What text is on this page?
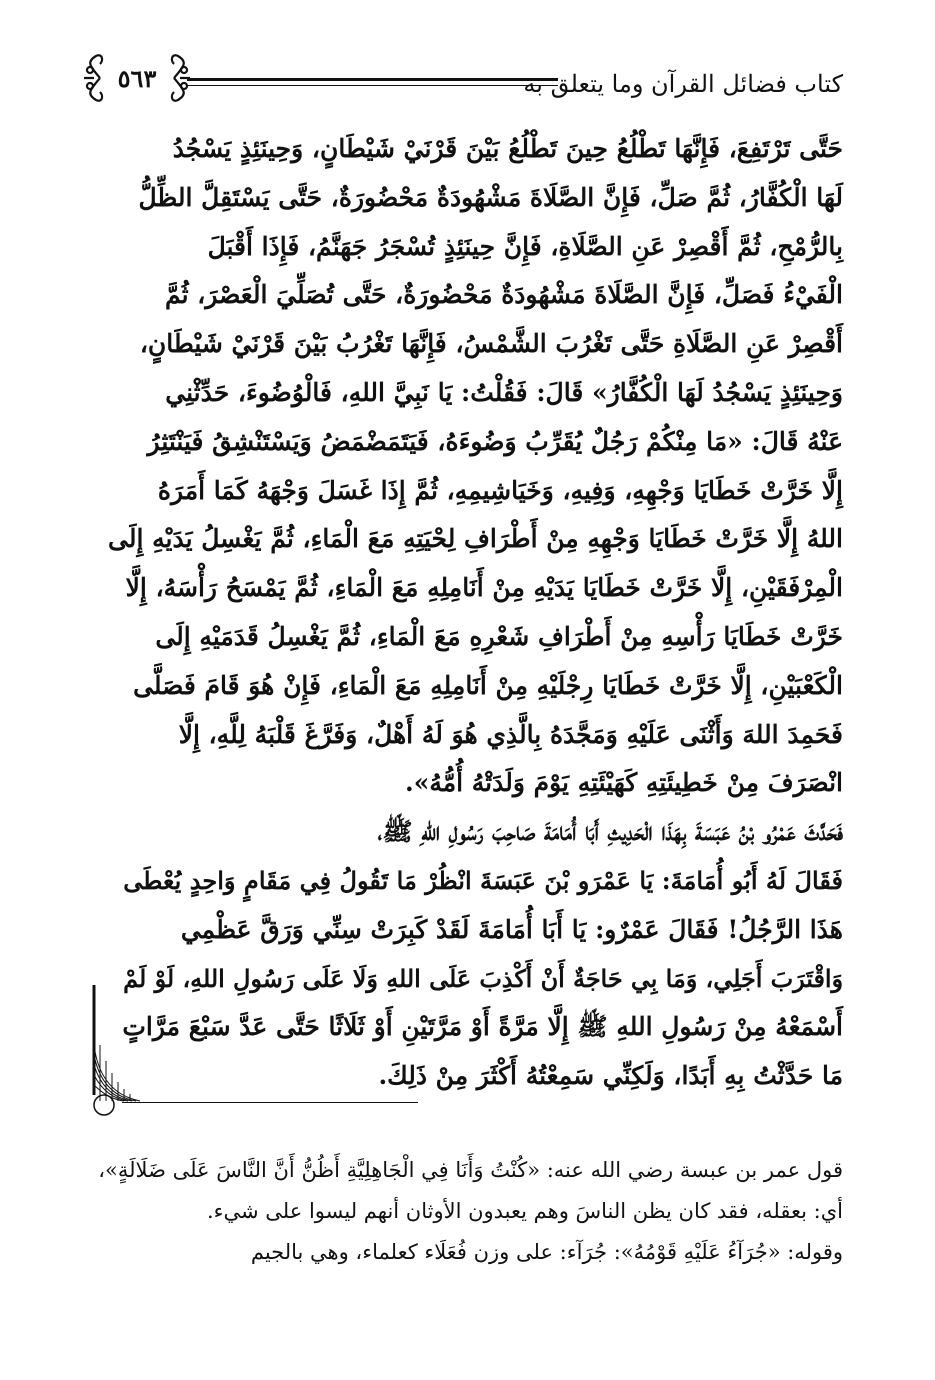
كتاب فضائل القرآن وما يتعلق به
٥٦٣
حَتَّى تَرْتَفِعَ، فَإِنَّهَا تَطْلُعُ حِينَ تَطْلُعُ بَيْنَ قَرْنَيْ شَيْطَانٍ، وَحِينَئِذٍ يَسْجُدُ
لَهَا الْكُفَّارُ، ثُمَّ صَلِّ، فَإِنَّ الصَّلَاةَ مَشْهُودَةٌ مَحْضُورَةٌ، حَتَّى يَسْتَقِلَّ الظِّلُّ
بِالرُّمْحِ، ثُمَّ أَقْصِرْ عَنِ الصَّلَاةِ، فَإِنَّ حِينَئِذٍ تُسْجَرُ جَهَنَّمُ، فَإِذَا أَقْبَلَ
الْفَيْءُ فَصَلِّ، فَإِنَّ الصَّلَاةَ مَشْهُودَةٌ مَحْضُورَةٌ، حَتَّى تُصَلِّيَ الْعَصْرَ، ثُمَّ
أَقْصِرْ عَنِ الصَّلَاةِ حَتَّى تَغْرُبَ الشَّمْسُ، فَإِنَّهَا تَغْرُبُ بَيْنَ قَرْنَيْ شَيْطَانٍ،
وَحِينَئِذٍ يَسْجُدُ لَهَا الْكُفَّارُ» قَالَ: فَقُلْتُ: يَا نَبِيَّ اللهِ، فَالْوُضُوءَ، حَدِّثْنِي
عَنْهُ قَالَ: «مَا مِنْكُمْ رَجُلٌ يُقَرِّبُ وَضُوءَهُ، فَيَتَمَضْمَضُ وَيَسْتَنْشِقُ فَيَنْتَثِرُ
إِلَّا خَرَّتْ خَطَايَا وَجْهِهِ، وَفِيهِ، وَخَيَاشِيمِهِ، ثُمَّ إِذَا غَسَلَ وَجْهَهُ كَمَا أَمَرَهُ
اللهُ إِلَّا خَرَّتْ خَطَايَا وَجْهِهِ مِنْ أَطْرَافِ لِحْيَتِهِ مَعَ الْمَاءِ، ثُمَّ يَغْسِلُ يَدَيْهِ إِلَى
الْمِرْفَقَيْنِ، إِلَّا خَرَّتْ خَطَايَا يَدَيْهِ مِنْ أَنَامِلِهِ مَعَ الْمَاءِ، ثُمَّ يَمْسَحُ رَأْسَهُ، إِلَّا
خَرَّتْ خَطَايَا رَأْسِهِ مِنْ أَطْرَافِ شَعْرِهِ مَعَ الْمَاءِ، ثُمَّ يَغْسِلُ قَدَمَيْهِ إِلَى
الْكَعْبَيْنِ، إِلَّا خَرَّتْ خَطَايَا رِجْلَيْهِ مِنْ أَنَامِلِهِ مَعَ الْمَاءِ، فَإِنْ هُوَ قَامَ فَصَلَّى
فَحَمِدَ اللهَ وَأَثْنَى عَلَيْهِ وَمَجَّدَهُ بِالَّذِي هُوَ لَهُ أَهْلٌ، وَفَرَّغَ قَلْبَهُ لِلَّهِ، إِلَّا
انْصَرَفَ مِنْ خَطِيئَتِهِ كَهَيْئَتِهِ يَوْمَ وَلَدَتْهُ أُمُّهُ».
فَحَدَّثَ عَمْرُو بْنُ عَبَسَةَ بِهَذَا الْحَدِيثِ أَبَا أُمَامَةَ صَاحِبَ رَسُولِ اللهِ ﷺ،
فَقَالَ لَهُ أَبُو أُمَامَةَ: يَا عَمْرَو بْنَ عَبَسَةَ انْظُرْ مَا تَقُولُ فِي مَقَامٍ وَاحِدٍ يُعْطَى
هَذَا الرَّجُلُ! فَقَالَ عَمْرٌو: يَا أَبَا أُمَامَةَ لَقَدْ كَبِرَتْ سِنِّي وَرَقَّ عَظْمِي
وَاقْتَرَبَ أَجَلِي، وَمَا بِي حَاجَةٌ أَنْ أَكْذِبَ عَلَى اللهِ وَلَا عَلَى رَسُولِ اللهِ، لَوْ لَمْ
أَسْمَعْهُ مِنْ رَسُولِ اللهِ ﷺ إِلَّا مَرَّةً أَوْ مَرَّتَيْنِ أَوْ ثَلَاثًا حَتَّى عَدَّ سَبْعَ مَرَّاتٍ
مَا حَدَّثْتُ بِهِ أَبَدًا، وَلَكِنِّي سَمِعْتُهُ أَكْثَرَ مِنْ ذَلِكَ.
قول عمر بن عبسة رضي الله عنه: «كُنْتُ وَأَنَا فِي الْجَاهِلِيَّةِ أَظُنُّ أَنَّ النَّاسَ عَلَى ضَلَالَةٍ»،
أي: بعقله، فقد كان يظن الناسَ وهم يعبدون الأوثان أنهم ليسوا على شيء.
وقوله: «جُرَآءُ عَلَيْهِ قَوْمُهُ»: جُرَآء: على وزن فُعَلَاء كعلماء، وهي بالجيم
